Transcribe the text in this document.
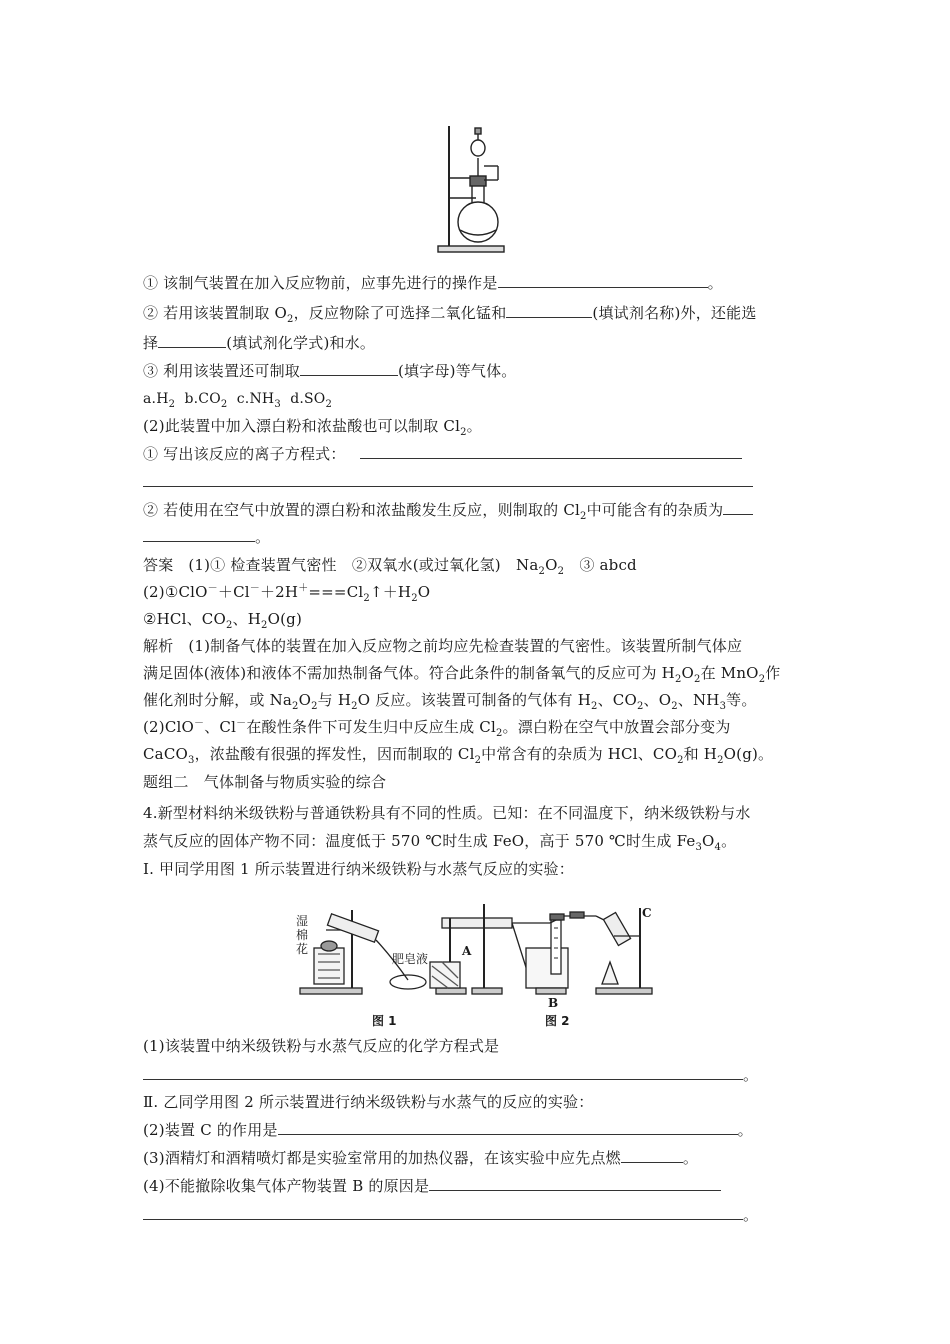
① 该制气装置在加入反应物前，应事先进行的操作是	。
② 若用该装置制取 $O_2$，反应物除了可选择二氧化锰和	(填试剂名称)外，还能选
择	(填试剂化学式)和水。
③ 利用该装置还可制取	(填字母)等气体。
$a.H_2$ $b.CO_2$ $c.NH_3$ $d.SO_2$
(2)此装置中加入漂白粉和浓盐酸也可以制取 $Cl_2$。
① 写出该反应的离子方程式：
② 若使用在空气中放置的漂白粉和浓盐酸发生反应，则制取的 $Cl_2$中可能含有的杂质为
。
答案 (1)① 检查装置气密性　②双氧水(或过氧化氢)　$Na_2O_2$　③ abcd
$(2)①ClO^-+Cl^-+2H^+===Cl_2↑+H_2O$
②HCl、$CO_2$、$H_2O(g)$
解析 (1)制备气体的装置在加入反应物之前均应先检查装置的气密性。该装置所制气体应
满足固体(液体)和液体不需加热制备气体。符合此条件的制备氧气的反应可为 $H_2O_2$在 MnO$_2$作
催化剂时分解，或 $Na_2O_2$与 $H_2O$ 反应。该装置可制备的气体有 $H_2$、$CO_2$、$O_2$、$NH_3$等。
(2)ClO－、Cl－在酸性条件下可发生归中反应生成 $Cl_2$。漂白粉在空气中放置会部分变为
CaCO$_3$，浓盐酸有很强的挥发性，因而制取的 $Cl_2$中常含有的杂质为 HCl、$CO_2$和 $H_2O(g)$。
题组二　气体制备与物质实验的综合
4.新型材料纳米级铁粉与普通铁粉具有不同的性质。已知：在不同温度下，纳米级铁粉与水
蒸气反应的固体产物不同：温度低于 570 ℃时生成 FeO，高于 570 ℃时生成 $Fe_3O_4$。
Ⅰ. 甲同学用图 1 所示装置进行纳米级铁粉与水蒸气反应的实验：
湿
棉
花
肥皂液
A
B
C
图 1	图 2
(1)该装置中纳米级铁粉与水蒸气反应的化学方程式是
。
Ⅱ. 乙同学用图 2 所示装置进行纳米级铁粉与水蒸气的反应的实验：
(2)装置 C 的作用是	。
(3)酒精灯和酒精喷灯都是实验室常用的加热仪器，在该实验中应先点燃	。
(4)不能撤除收集气体产物装置 B 的原因是
。
